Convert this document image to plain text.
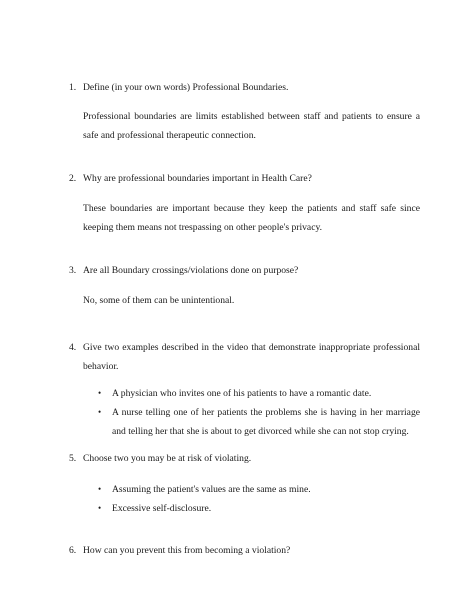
1. Define (in your own words) Professional Boundaries.
Professional boundaries are limits established between staff and patients to ensure a safe and professional therapeutic connection.
2. Why are professional boundaries important in Health Care?
These boundaries are important because they keep the patients and staff safe since keeping them means not trespassing on other people's privacy.
3. Are all Boundary crossings/violations done on purpose?
No, some of them can be unintentional.
4. Give two examples described in the video that demonstrate inappropriate professional behavior.
• A physician who invites one of his patients to have a romantic date.
• A nurse telling one of her patients the problems she is having in her marriage and telling her that she is about to get divorced while she can not stop crying.
5. Choose two you may be at risk of violating.
• Assuming the patient's values are the same as mine.
• Excessive self-disclosure.
6. How can you prevent this from becoming a violation?
